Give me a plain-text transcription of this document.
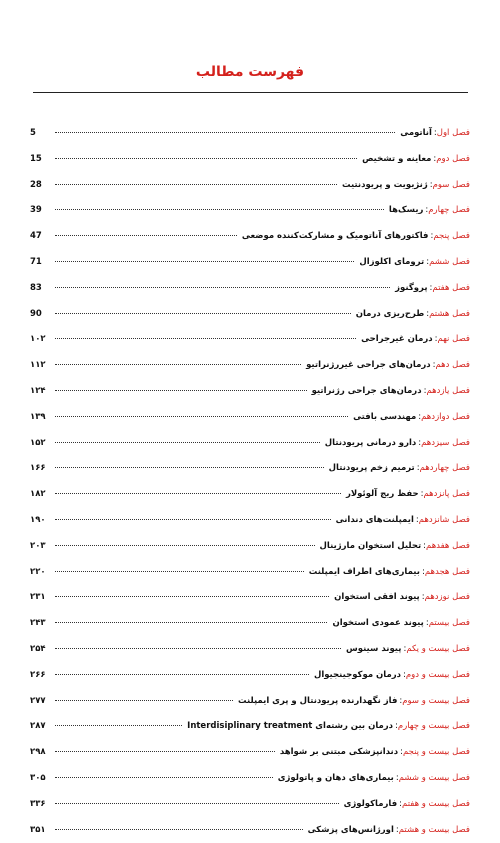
فهرست مطالب
فصل اول
:
آناتومی
5
فصل دوم
:
معاینه و تشخیص
15
فصل سوم
:
ژنژیویت و پریودنتیت
28
فصل چهارم
:
ریسک‌ها
39
فصل پنجم
:
فاکتورهای آناتومیک و مشارکت‌کننده موضعی
47
فصل ششم
:
ترومای اکلوزال
71
فصل هفتم
:
پروگنوز
83
فصل هشتم
:
طرح‌ریزی درمان
90
فصل نهم
:
درمان غیرجراحی
۱۰۲
فصل دهم
:
درمان‌های جراحی غیررژنراتیو
۱۱۲
فصل یازدهم
:
درمان‌های جراحی رژنراتیو
۱۲۴
فصل دوازدهم
:
مهندسی بافتی
۱۳۹
فصل سیزدهم
:
دارو درمانی پریودنتال
۱۵۲
فصل چهاردهم
:
ترمیم زخم پریودنتال
۱۶۶
فصل پانزدهم
:
حفظ ریج آلوئولار
۱۸۲
فصل شانزدهم
:
ایمپلنت‌های دندانی
۱۹۰
فصل هفدهم
:
تحلیل استخوان مارژینال
۲۰۳
فصل هجدهم
:
بیماری‌های اطراف ایمپلنت
۲۲۰
فصل نوزدهم
:
پیوند افقی استخوان
۲۳۱
فصل بیستم
:
پیوند عمودی استخوان
۲۴۳
فصل بیست و یکم
:
پیوند سینوس
۲۵۴
فصل بیست و دوم
:
درمان موکوجینجیوال
۲۶۶
فصل بیست و سوم
:
فاز نگهدارنده پریودنتال و پری ایمپلنت
۲۷۷
فصل بیست و چهارم
:
درمان بین رشته‌ای Interdisiplinary treatment
۲۸۷
فصل بیست و پنجم
:
دندانپزشکی مبتنی بر شواهد
۲۹۸
فصل بیست و ششم
:
بیماری‌های دهان و پاتولوژی
۳۰۵
فصل بیست و هفتم
:
فارماکولوژی
۳۳۶
فصل بیست و هشتم
:
اورژانس‌های پزشکی
۳۵۱
